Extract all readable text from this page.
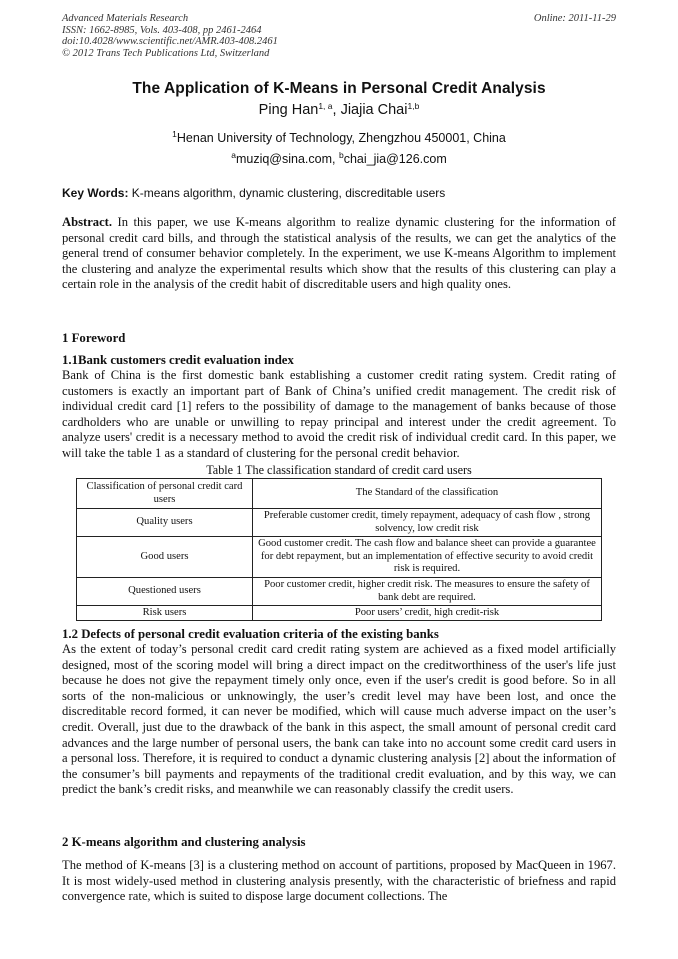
Advanced Materials Research
ISSN: 1662-8985, Vols. 403-408, pp 2461-2464
doi:10.4028/www.scientific.net/AMR.403-408.2461
© 2012 Trans Tech Publications Ltd, Switzerland
Online: 2011-11-29
The Application of K-Means in Personal Credit Analysis
Ping Han$^{1, a}$, Jiajia Chai$^{1,b}$
$^1$Henan University of Technology, Zhengzhou 450001, China
$^a$muziq@sina.com, $^b$chai_jia@126.com
Key Words: K-means algorithm, dynamic clustering, discreditable users

Abstract. In this paper, we use K-means algorithm to realize dynamic clustering for the information of personal credit card bills, and through the statistical analysis of the results, we can get the analytics of the general trend of consumer behavior completely. In the experiment, we use K-means Algorithm to implement the clustering and analyze the experimental results which show that the results of this clustering can play a certain role in the analysis of the credit habit of discreditable users and high quality ones.

1 Foreword
1.1Bank customers credit evaluation index

Bank of China is the first domestic bank establishing a customer credit rating system. Credit rating of customers is exactly an important part of Bank of China’s unified credit management. The credit risk of individual credit card [1] refers to the possibility of damage to the management of banks because of those cardholders who are unable or unwilling to repay principal and interest under the credit agreement. To analyze users' credit is a necessary method to avoid the credit risk of individual credit card. In this paper, we will take the table 1 as a standard of clustering for the personal credit behavior.

Table 1 The classification standard of credit card users
Classification of personal credit card users	The Standard of the classification
Quality users	Preferable customer credit, timely repayment, adequacy of cash flow , strong solvency, low credit risk
Good users	Good customer credit. The cash flow and balance sheet can provide a guarantee for debt repayment, but an implementation of effective security to avoid credit risk is required.
Questioned users	Poor customer credit, higher credit risk. The measures to ensure the safety of bank debt are required.
Risk users	Poor users’ credit, high credit-risk
1.2 Defects of personal credit evaluation criteria of the existing banks

As the extent of today’s personal credit card credit rating system are achieved as a fixed model artificially designed, most of the scoring model will bring a direct impact on the creditworthiness of the user's life just because he does not give the repayment timely only once, even if the user's credit is good before. So in all sorts of the non-malicious or unknowingly, the user’s credit level may have been lost, and once the discreditable record formed, it can never be modified, which will cause much adverse impact on the user’s credit. Overall, just due to the drawback of the bank in this aspect, the small amount of personal credit card advances and the large number of personal users, the bank can take into no account some credit card users in a personal loss. Therefore, it is required to conduct a dynamic clustering analysis [2] about the information of the consumer’s bill payments and repayments of the traditional credit evaluation, and by this way, we can predict the bank’s credit risks, and meanwhile we can reasonably classify the credit users.

2 K-means algorithm and clustering analysis

The method of K-means [3] is a clustering method on account of partitions, proposed by MacQueen in 1967. It is most widely-used method in clustering analysis presently, with the characteristic of briefness and rapid convergence rate, which is suited to dispose large document collections. The
